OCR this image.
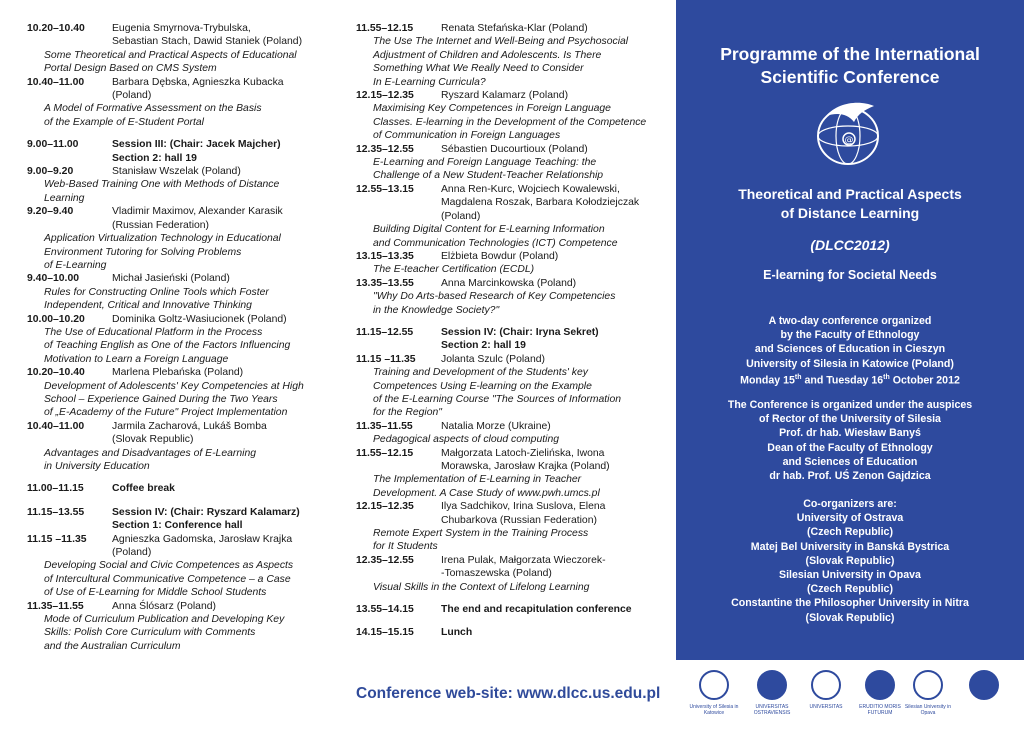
10.20–10.40	Eugenia Smyrnova-Trybulska,
Sebastian Stach, Dawid Staniek (Poland)
Some Theoretical and Practical Aspects of Educational
Portal Design Based on CMS System
10.40–11.00	Barbara Dębska, Agnieszka Kubacka
(Poland)
A Model of Formative Assessment on the Basis
of the Example of E-Student Portal
9.00–11.00	Session III: (Chair: Jacek Majcher)
Section 2: hall 19
9.00–9.20	Stanisław Wszelak (Poland)
Web-Based Training One with Methods of Distance
Learning
9.20–9.40	Vladimir Maximov, Alexander Karasik
(Russian Federation)
Application Virtualization Technology in Educational
Environment Tutoring for Solving Problems
of E-Learning
9.40–10.00	Michał Jasieński (Poland)
Rules for Constructing Online Tools which Foster
Independent, Critical and Innovative Thinking
10.00–10.20	Dominika Goltz-Wasiucionek (Poland)
The Use of Educational Platform in the Process
of Teaching English as One of the Factors Influencing
Motivation to Learn a Foreign Language
10.20–10.40	Marlena Plebańska (Poland)
Development of Adolescents' Key Competencies at High
School – Experience Gained During the Two Years
of „E-Academy of the Future" Project Implementation
10.40–11.00	Jarmila Zacharová, Lukáš Bomba
(Slovak Republic)
Advantages and Disadvantages of E-Learning
in University Education
11.00–11.15	Coffee break
11.15–13.55	Session IV: (Chair: Ryszard Kalamarz)
Section 1: Conference hall
11.15 –11.35	Agnieszka Gadomska, Jarosław Krajka
(Poland)
Developing Social and Civic Competences as Aspects
of Intercultural Communicative Competence – a Case
of Use of E-Learning for Middle School Students
11.35–11.55	Anna Ślósarz (Poland)
Mode of Curriculum Publication and Developing Key
Skills: Polish Core Curriculum with Comments
and the Australian Curriculum
11.55–12.15	Renata Stefańska-Klar (Poland)
The Use The Internet and Well-Being and Psychosocial
Adjustment of Children and Adolescents. Is There
Something What We Really Need to Consider
In E-Learning Curricula?
12.15–12.35	Ryszard Kalamarz (Poland)
Maximising Key Competences in Foreign Language
Classes. E-learning in the Development of the Competence
of Communication in Foreign Languages
12.35–12.55	Sébastien Ducourtioux (Poland)
E-Learning and Foreign Language Teaching: the
Challenge of a New Student-Teacher Relationship
12.55–13.15	Anna Ren-Kurc, Wojciech Kowalewski,
Magdalena Roszak, Barbara Kołodziejczak
(Poland)
Building Digital Content for E-Learning Information
and Communication Technologies (ICT) Competence
13.15–13.35	Elżbieta Bowdur (Poland)
The E-teacher Certification (ECDL)
13.35–13.55	Anna Marcinkowska (Poland)
"Why Do Arts-based Research of Key Competencies
in the Knowledge Society?"
11.15–12.55	Session IV: (Chair: Iryna Sekret)
Section 2: hall 19
11.15 –11.35	Jolanta Szulc (Poland)
Training and Development of the Students' key
Competences Using E-learning on the Example
of the E-Learning Course "The Sources of Information
for the Region"
11.35–11.55	Natalia Morze (Ukraine)
Pedagogical aspects of cloud computing
11.55–12.15	Małgorzata Latoch-Zielińska, Iwona
Morawska, Jarosław Krajka (Poland)
The Implementation of E-Learning in Teacher
Development. A Case Study of www.pwh.umcs.pl
12.15–12.35	Ilya Sadchikov, Irina Suslova, Elena
Chubarkova (Russian Federation)
Remote Expert System in the Training Process
for It Students
12.35–12.55	Irena Pulak, Małgorzata Wieczorek-
-Tomaszewska (Poland)
Visual Skills in the Context of Lifelong Learning
13.55–14.15	The end and recapitulation conference
14.15–15.15	Lunch
Conference web-site: www.dlcc.us.edu.pl
Programme of the International
Scientific Conference
@
Theoretical and Practical Aspects
of Distance Learning
(DLCC2012)
E-learning for Societal Needs
A two-day conference organized
by the Faculty of Ethnology
and Sciences of Education in Cieszyn
University of Silesia in Katowice (Poland)
Monday 15th and Tuesday 16th October 2012
The Conference is organized under the auspices
of Rector of the University of Silesia
Prof. dr hab. Wiesław Banyś
Dean of the Faculty of Ethnology
and Sciences of Education
dr hab. Prof. UŚ Zenon Gajdzica
Co-organizers are:
University of Ostrava
(Czech Republic)
Matej Bel University in Banská Bystrica
(Slovak Republic)
Silesian University in Opava
(Czech Republic)
Constantine the Philosopher University in Nitra
(Slovak Republic)
University of Silesia in Katowice
UNIVERSITAS OSTRAVIENSIS
UNIVERSITAS	ERUDITIO MORIS FUTURUM
Silesian University in Opava
